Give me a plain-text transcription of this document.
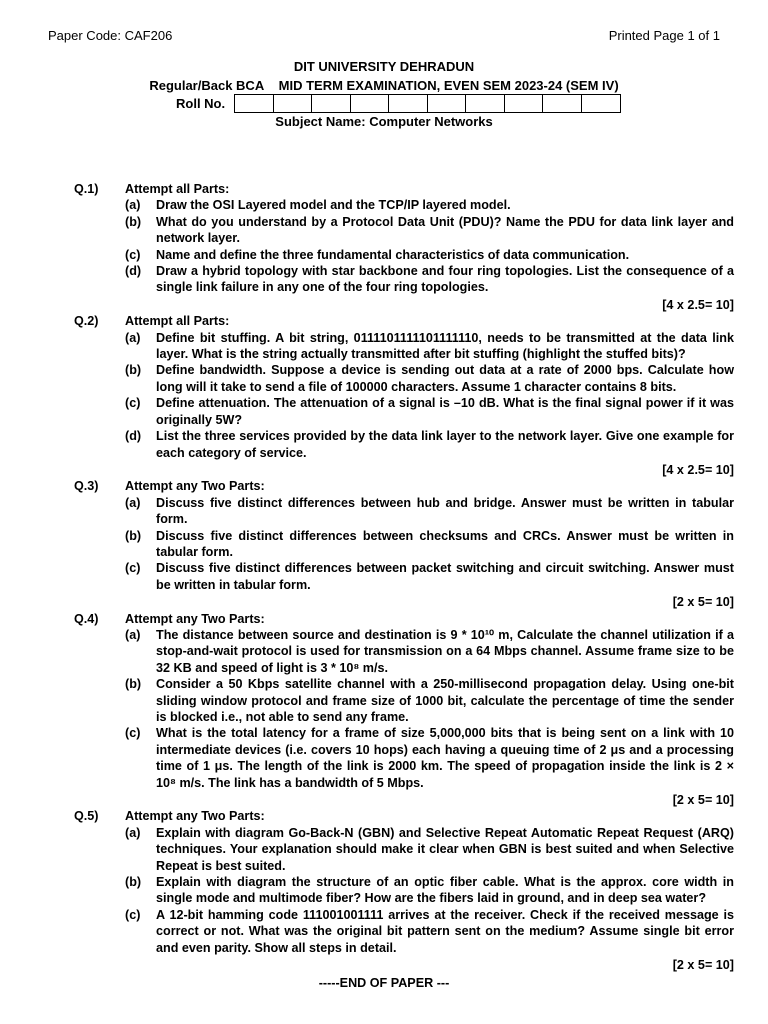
Paper Code: CAF206	Printed Page 1 of 1
DIT UNIVERSITY DEHRADUN
Regular/Back BCA MID TERM EXAMINATION, EVEN SEM 2023-24 (SEM IV)
Roll No.
Subject Name: Computer Networks
Q.1)	Attempt all Parts:
(a)	Draw the OSI Layered model and the TCP/IP layered model.
(b)	What do you understand by a Protocol Data Unit (PDU)? Name the PDU for data link layer and network layer.
(c)	Name and define the three fundamental characteristics of data communication.
(d)	Draw a hybrid topology with star backbone and four ring topologies. List the consequence of a single link failure in any one of the four ring topologies.
[4 x 2.5= 10]
Q.2)	Attempt all Parts:
(a)	Define bit stuffing. A bit string, 0111101111101111110, needs to be transmitted at the data link layer. What is the string actually transmitted after bit stuffing (highlight the stuffed bits)?
(b)	Define bandwidth. Suppose a device is sending out data at a rate of 2000 bps. Calculate how long will it take to send a file of 100000 characters. Assume 1 character contains 8 bits.
(c)	Define attenuation. The attenuation of a signal is –10 dB. What is the final signal power if it was originally 5W?
(d)	List the three services provided by the data link layer to the network layer. Give one example for each category of service.
[4 x 2.5= 10]
Q.3)	Attempt any Two Parts:
(a)	Discuss five distinct differences between hub and bridge. Answer must be written in tabular form.
(b)	Discuss five distinct differences between checksums and CRCs. Answer must be written in tabular form.
(c)	Discuss five distinct differences between packet switching and circuit switching. Answer must be written in tabular form.
[2 x 5= 10]
Q.4)	Attempt any Two Parts:
(a)	The distance between source and destination is 9 * 10¹⁰ m, Calculate the channel utilization if a stop-and-wait protocol is used for transmission on a 64 Mbps channel. Assume frame size to be 32 KB and speed of light is 3 * 10⁸ m/s.
(b)	Consider a 50 Kbps satellite channel with a 250-millisecond propagation delay. Using one-bit sliding window protocol and frame size of 1000 bit, calculate the percentage of time the sender is blocked i.e., not able to send any frame.
(c)	What is the total latency for a frame of size 5,000,000 bits that is being sent on a link with 10 intermediate devices (i.e. covers 10 hops) each having a queuing time of 2 μs and a processing time of 1 μs. The length of the link is 2000 km. The speed of propagation inside the link is 2 × 10⁸ m/s. The link has a bandwidth of 5 Mbps.
[2 x 5= 10]
Q.5)	Attempt any Two Parts:
(a)	Explain with diagram Go-Back-N (GBN) and Selective Repeat Automatic Repeat Request (ARQ) techniques. Your explanation should make it clear when GBN is best suited and when Selective Repeat is best suited.
(b)	Explain with diagram the structure of an optic fiber cable. What is the approx. core width in single mode and multimode fiber? How are the fibers laid in ground, and in deep sea water?
(c)	A 12-bit hamming code 111001001111 arrives at the receiver. Check if the received message is correct or not. What was the original bit pattern sent on the medium? Assume single bit error and even parity. Show all steps in detail.
[2 x 5= 10]
-----END OF PAPER ---
